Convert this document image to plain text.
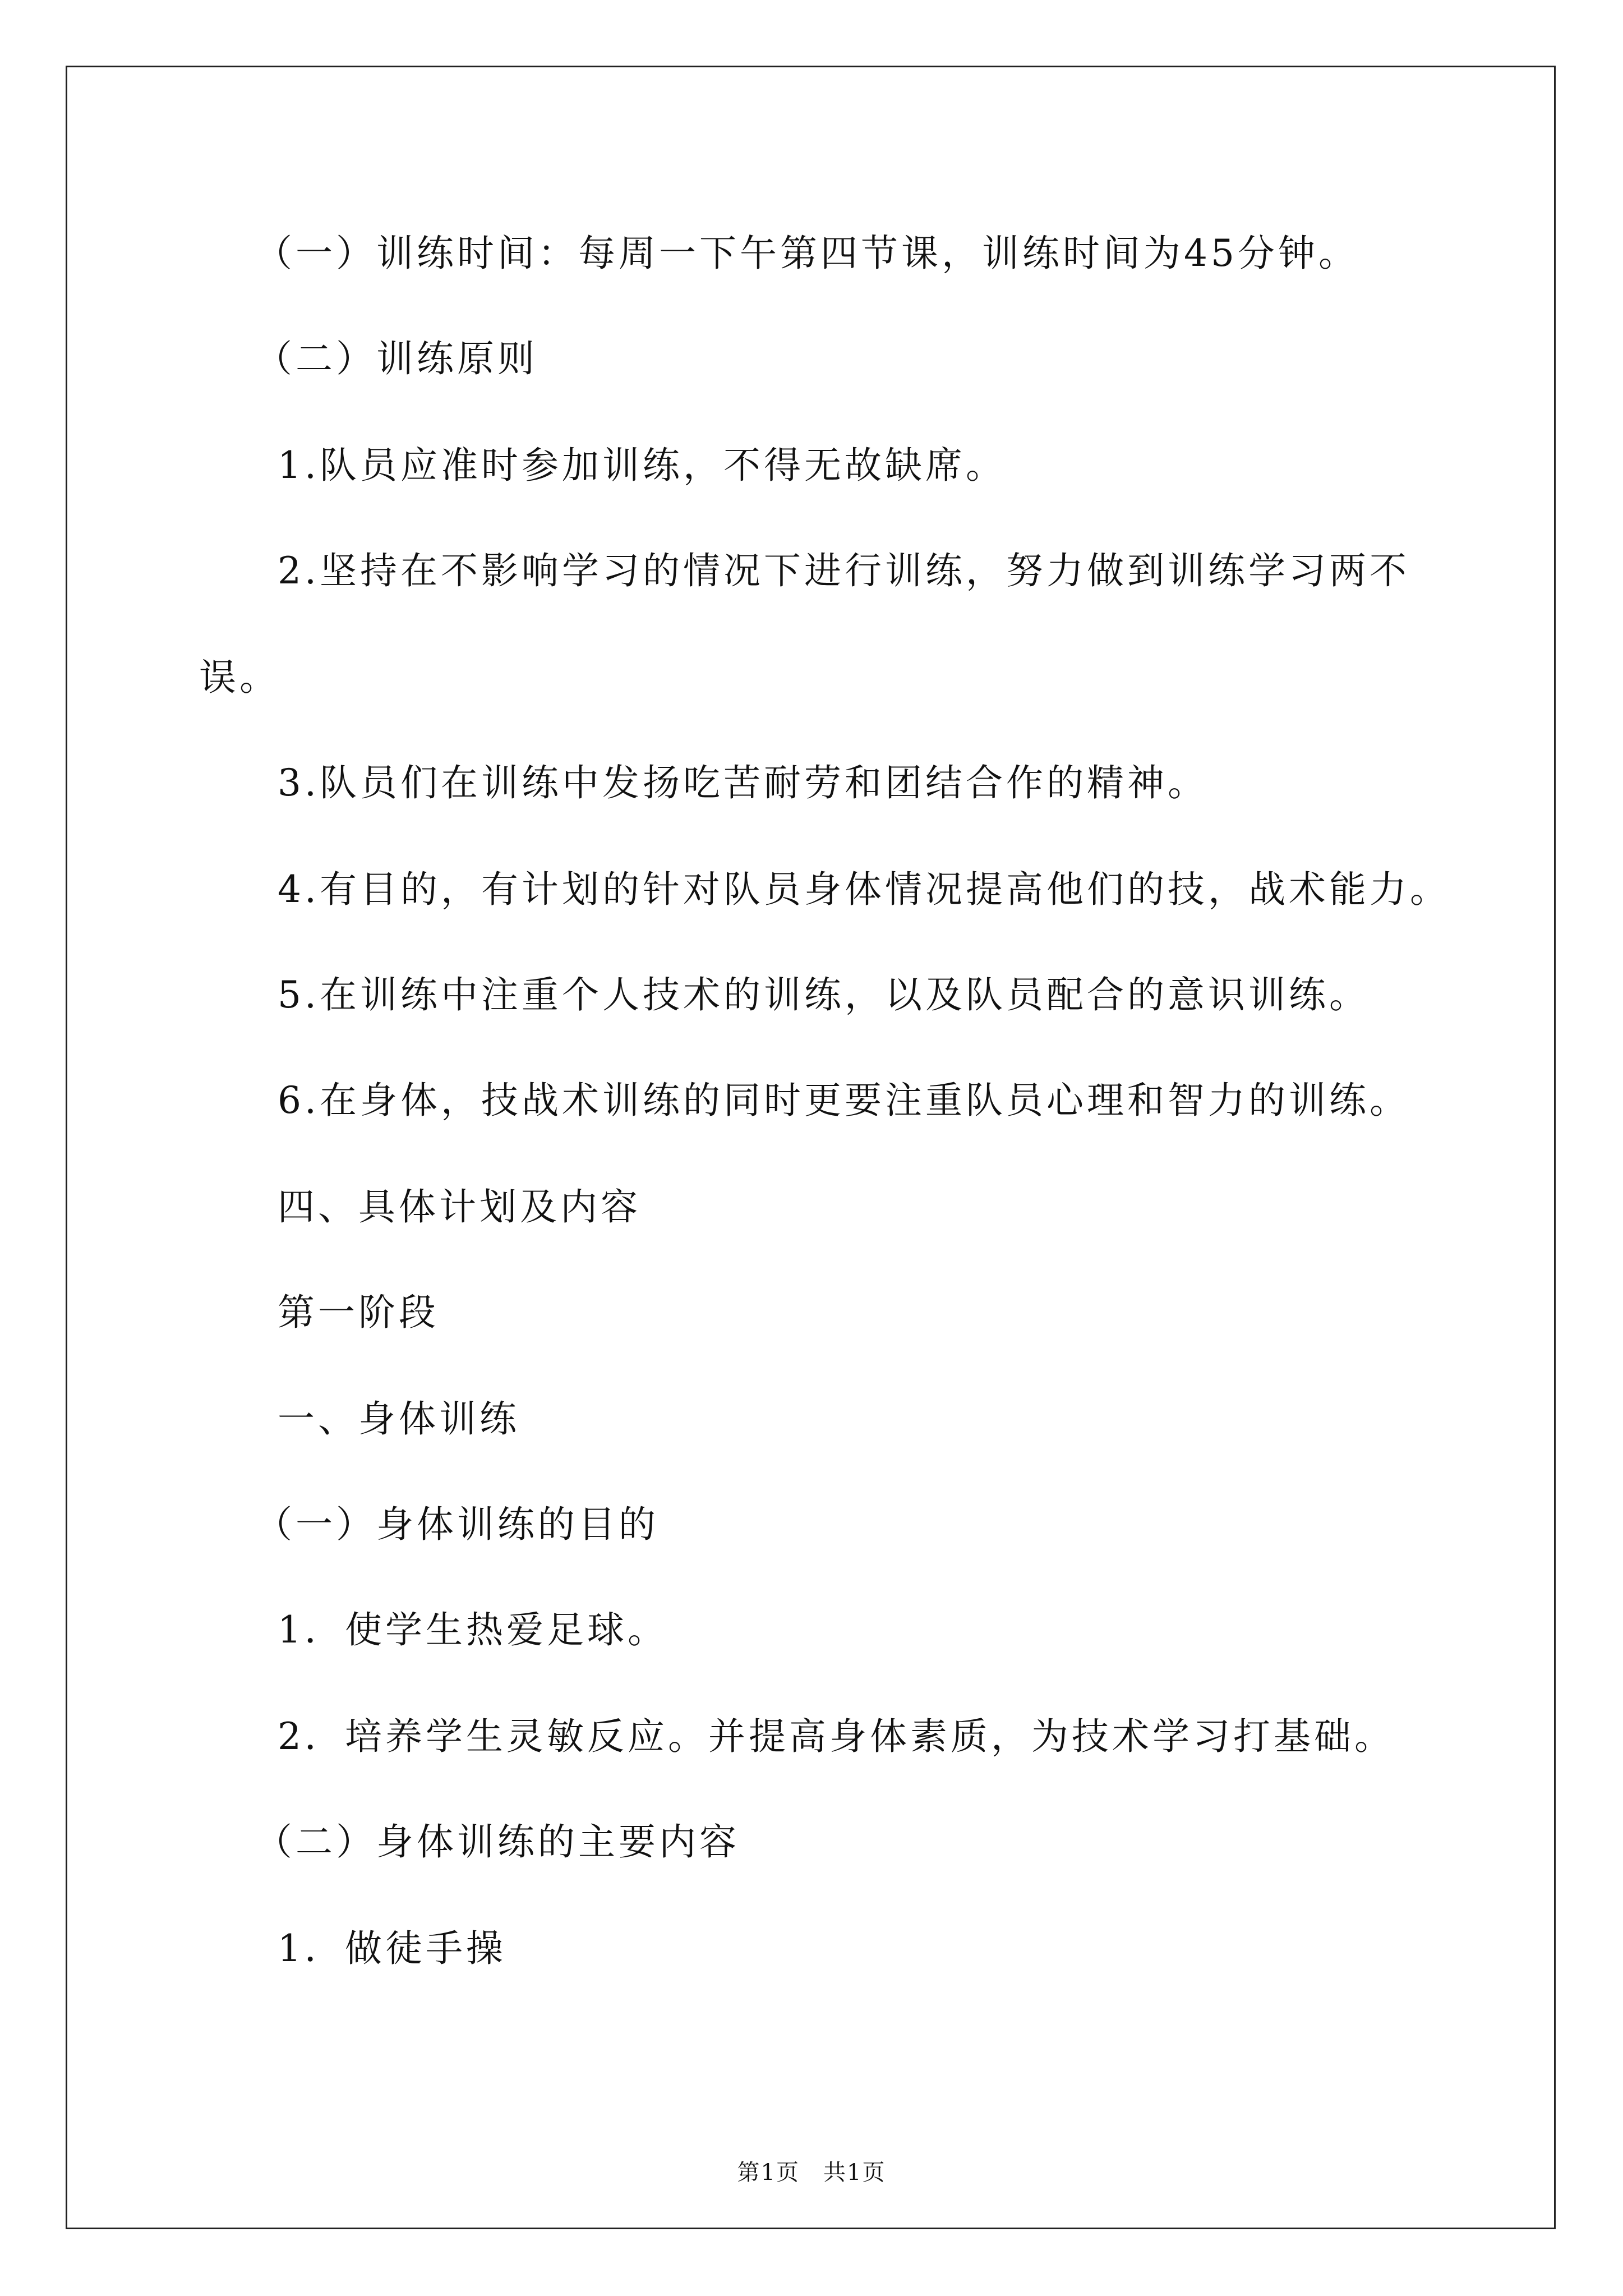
（一）训练时间：每周一下午第四节课，训练时间为45分钟。
（二）训练原则
1.队员应准时参加训练，不得无故缺席。
2.坚持在不影响学习的情况下进行训练，努力做到训练学习两不
误。
3.队员们在训练中发扬吃苦耐劳和团结合作的精神。
4.有目的，有计划的针对队员身体情况提高他们的技，战术能力。
5.在训练中注重个人技术的训练，以及队员配合的意识训练。
6.在身体，技战术训练的同时更要注重队员心理和智力的训练。
四、具体计划及内容
第一阶段
一、身体训练
（一）身体训练的目的
1．使学生热爱足球。
2．培养学生灵敏反应。并提高身体素质，为技术学习打基础。
（二）身体训练的主要内容
1．做徒手操
第1页　共1页
